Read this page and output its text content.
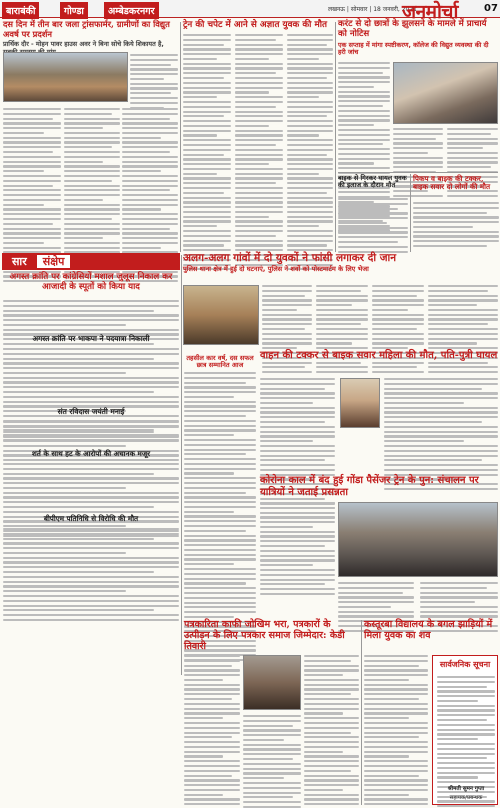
बाराबंकी	गोण्डा	अम्बेडकरनगर	लखनऊ | सोमवार | 18 जनवरी, 2021
जनमोर्चा	07
दस दिन में तीन बार जला ट्रांसफार्मर, ग्रामीणों का विद्युत अवर्ष पर प्रदर्शन
प्रार्थिक दौर - मोहन पावर हाउस अवर ने बिना सोचे किये शिकायत है,
ट्रेन की चपेट में आने से अज्ञात युवक की मौत	करंट से दो छात्रों के झुलसने के मामले में प्राचार्य को नोटिस
एक सप्ताह में मांगा स्पष्टीकरण, कॉलेज की विद्युत व्यवस्था की दी हरी जांच
बाइक से गिरकर घायल युवक की इलाज के दौरान मौत
पिकप व बाइक की टक्कर, बाइक सवार दो लोगों की मौत
सार	संक्षेप	अलग-अलग गांवों में दो युवकों ने फांसी लगाकर दी जान
पुलिस थाना क्षेत्र में हुई दो घटनाएं, पुलिस ने शवों को पोस्टमार्टम के लिए भेजा
अगस्त क्रांति पर कांग्रेसियों मशाल जुलूस निकाल कर आजादी के स्पूतों को किया याद
अगस्त क्रांति पर भाकपा ने पदयात्रा निकाली
संत रविदास जयंती मनाई
शर्त के साथ हट के आरोपों की अचानक मजूर
बीपीएम पतिनिधि से विरोधि की मौत
तहसील कार वर्ष, दस सफल छात्र सम्मानित आज
वाहन की टक्कर से बाइक सवार महिला की मौत, पति-पुत्री घायल
कोरोना काल में बंद हुई गोंडा पैसेंजर ट्रेन के पुन: संचालन पर यात्रियों ने जताई प्रसन्नता
पत्रकारिता काफी जोखिम भरा, पत्रकारों के उत्पीड़न के लिए पत्रकार समाज जिम्मेदार: केडी तिवारी
कस्तूरबा विद्यालय के बगल झाड़ियों में मिला युवक का शव
सार्वजनिक सूचना
श्रीमती सुमन गुप्ता
सहायक/प्रबन्धक
